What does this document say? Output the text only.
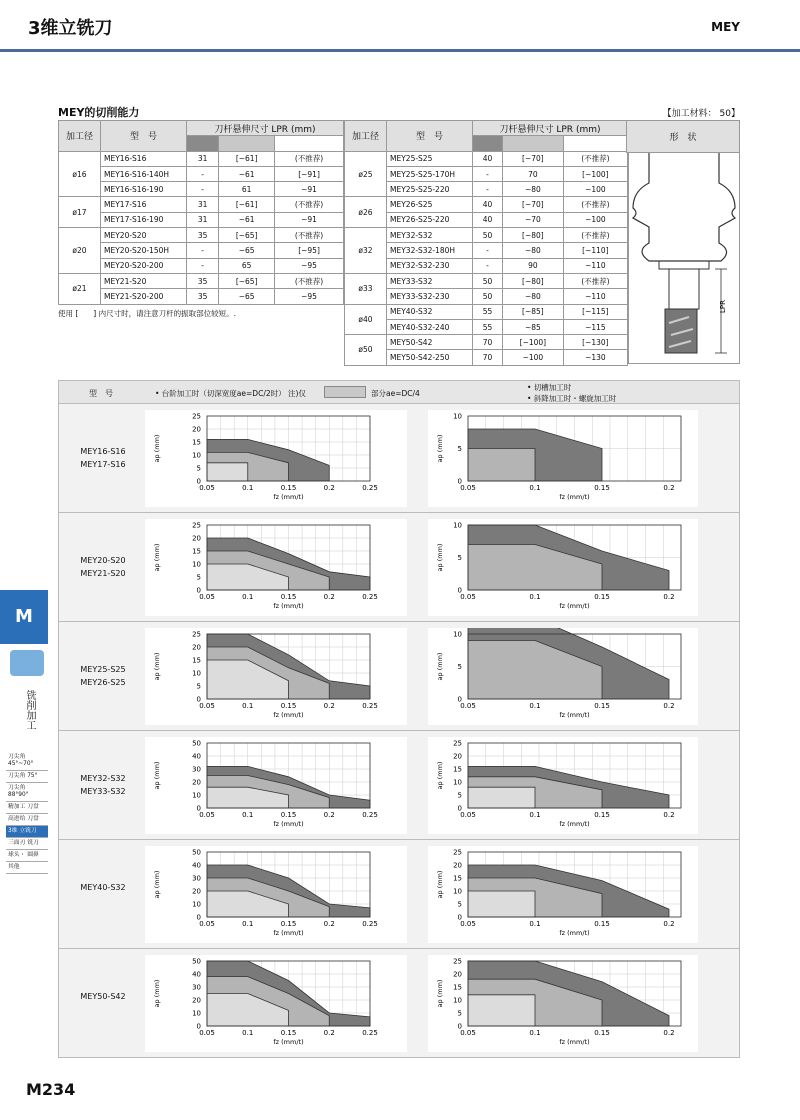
3维立铣刀	MEY
MEY的切削能力	【加工材料： 50】
加工径	型　号	刀杆悬伸尺寸 LPR (mm)		

ø16	MEY16-S16	31	[~61]	(不推荐)
	MEY16-S16-140H	-	~61	[~91]
	MEY16-S16-190	-	61	~91
ø17	MEY17-S16	31	[~61]	(不推荐)
	MEY17-S16-190	31	~61	~91
ø20	MEY20-S20	35	[~65]	(不推荐)
	MEY20-S20-150H	-	~65	[~95]
	MEY20-S20-200	-	65	~95
ø21	MEY21-S20	35	[~65]	(不推荐)
	MEY21-S20-200	35	~65	~95
加工径	型　号	刀杆悬伸尺寸 LPR (mm)		

ø25	MEY25-S25	40	[~70]	(不推荐)
	MEY25-S25-170H	-	70	[~100]
	MEY25-S25-220	-	~80	~100
ø26	MEY26-S25	40	[~70]	(不推荐)
	MEY26-S25-220	40	~70	~100
ø32	MEY32-S32	50	[~80]	(不推荐)
	MEY32-S32-180H	-	~80	[~110]
	MEY32-S32-230	-	90	~110
ø33	MEY33-S32	50	[~80]	(不推荐)
	MEY33-S32-230	50	~80	~110
ø40	MEY40-S32	55	[~85]	[~115]
	MEY40-S32-240	55	~85	~115
ø50	MEY50-S42	70	[~100]	[~130]
	MEY50-S42-250	70	~100	~130
形　状
LPR
使用 [　　] 内尺寸时，请注意刀杆的振取部位较短。.
型　号	• 台阶加工时（切深宽度ae=DC/2时） 注)仅	部分ae=DC/4
• 切槽加工时
• 斜降加工时・螺旋加工时
MEY16-S16
MEY17-S16
0
5
10
15
20
25
0.05	0.1	0.15	0.2	0.25
fz (mm/t)
ap (mm)
0
5
10
0.05	0.1	0.15	0.2
fz (mm/t)
ap (mm)
MEY20-S20
MEY21-S20
0
5
10
15
20
25
0.05	0.1	0.15	0.2	0.25
fz (mm/t)
ap (mm)
0
5
10
0.05	0.1	0.15	0.2
fz (mm/t)
ap (mm)
MEY25-S25
MEY26-S25
0
5
10
15
20
25
0.05	0.1	0.15	0.2	0.25
fz (mm/t)
ap (mm)
0
5
10
0.05	0.1	0.15	0.2
fz (mm/t)
ap (mm)
MEY32-S32
MEY33-S32
0
10
20
30
40
50
0.05	0.1	0.15	0.2	0.25
fz (mm/t)
ap (mm)
0
5
10
15
20
25
0.05	0.1	0.15	0.2
fz (mm/t)
ap (mm)
MEY40-S32
0
10
20
30
40
50
0.05	0.1	0.15	0.2	0.25
fz (mm/t)
ap (mm)
0
5
10
15
20
25
0.05	0.1	0.15	0.2
fz (mm/t)
ap (mm)
MEY50-S42
0
10
20
30
40
50
0.05	0.1	0.15	0.2	0.25
fz (mm/t)
ap (mm)
0
5
10
15
20
25
0.05	0.1	0.15	0.2
fz (mm/t)
ap (mm)
M
铣削加工
刀尖角 45°~70°
刀尖角 75°
刀尖角 88°90°
精加工 刀盘
高进给 刀盘
3维 立铣刀
三面刃 铣刀
球头・ 圆鼻
其他
M234
